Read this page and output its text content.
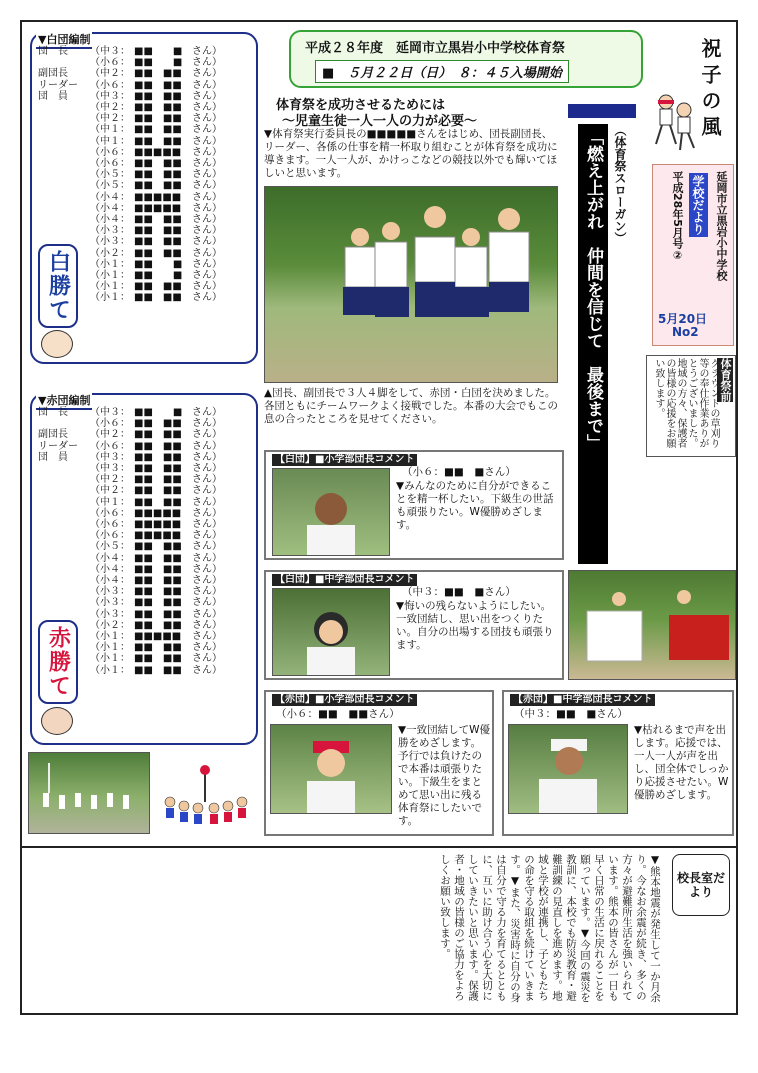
▼白団編制
団　長 （中３： ■■　　■ さん）
（小６： ■■　　■ さん）
副団長 （中２： ■■　■■ さん）
リーダー （小６： ■■　■■ さん）
団　員 （中３： ■■　■■ さん）
（中２： ■■　■■ さん）
（中２： ■■　■■ さん）
（中１： ■■　■■ さん）
（中１： ■■　■■ さん）
（小６： ■■■■■ さん）
（小６： ■■　■■ さん）
（小５： ■■　■■ さん）
（小５： ■■　■■ さん）
（小４： ■■■■■ さん）
（小４： ■■■■■ さん）
（小４： ■■　■■ さん）
（小３： ■■　■■ さん）
（小３： ■■　■■ さん）
（小２： ■■　■■ さん）
（小１： ■■　　■ さん）
（小１： ■■　　■ さん）
（小１： ■■　■■ さん）
（小１： ■■　■■ さん）
白勝て
▼赤団編制
団　長 （中３： ■■　　■ さん）
（小６： ■■　■■ さん）
副団長 （中２： ■■　■■ さん）
リーダー （小６： ■■　■■ さん）
団　員 （中３： ■■　■■ さん）
（中３： ■■　■■ さん）
（中２： ■■　■■ さん）
（中２： ■■　■■ さん）
（中１： ■■　■■ さん）
（小６： ■■■■■ さん）
（小６： ■■■■■ さん）
（小６： ■■■■■ さん）
（小５： ■■　■■ さん）
（小４： ■■　■■ さん）
（小４： ■■　■■ さん）
（小４： ■■　■■ さん）
（小３： ■■　■■ さん）
（小３： ■■　■■ さん）
（小３： ■■　■■ さん）
（小２： ■■　■■ さん）
（小１： ■■■■■ さん）
（小１： ■■　■■ さん）
（小１： ■■　■■ さん）
（小１： ■■　■■ さん）
赤勝て
平成２８年度　延岡市立黒岩小中学校体育祭
■　５月２２日（日）　８：４５入場開始	祝子の風
延岡市立黒岩小中学校
学校だより
平成28年5月号②
5月20日
No2
体育祭を成功させるためには
～児童生徒一人一人の力が必要～
▼体育祭実行委員長の■■■■■さんをはじめ、団長副団長、リーダー、各係の仕事を精一杯取り組むことが体育祭を成功に導きます。一人一人が、かけっこなどの競技以外でも輝いてほしいと思います。
▲団長、副団長で３人４脚をして、赤団・白団を決めました。各団ともにチームワークよく接戦でした。本番の大会でもこの息の合ったところを見せてください。
（体育祭スローガン）
「燃え上がれ　仲間を信じて　最後まで」	体育祭前
グラウンドの草刈り等の奉仕作業ありがとうございました。地域の方々、保護者の皆様の応援をお願い致します。
【白団】■小学部団長コメント
（小６：■■　■さん）
▼みんなのために自分ができることを精一杯したい。下級生の世話も頑張りたい。W優勝めざします。
【白団】■中学部団長コメント
（中３：■■　■さん）
▼悔いの残らないようにしたい。一致団結し、思い出をつくりたい。自分の出場する団技も頑張ります。
【赤団】■小学部団長コメント
（小６：■■　■■さん）
▼一致団結してW優勝をめざします。予行では負けたので本番は頑張りたい。下級生をまとめて思い出に残る体育祭にしたいです。
【赤団】■中学部団長コメント
（中３：■■　■さん）
▼枯れるまで声を出します。応援では、一人一人が声を出し、団全体でしっかり応援させたい。W優勝めざします。
▼熊本地震が発生して一か月余り。今なお余震が続き、多くの方々が避難所生活を強いられています。熊本の皆さんが一日も早く日常の生活に戻れることを願っています。▼今回の震災を教訓に、本校でも防災教育・避難訓練の見直しを進めます。地域と学校が連携し、子どもたちの命を守る取組を続けていきます。▼また、災害時に自分の身は自分で守る力を育てるとともに、互いに助け合う心を大切にしていきたいと思います。保護者・地域の皆様のご協力をよろしくお願い致します。	校長室だより
